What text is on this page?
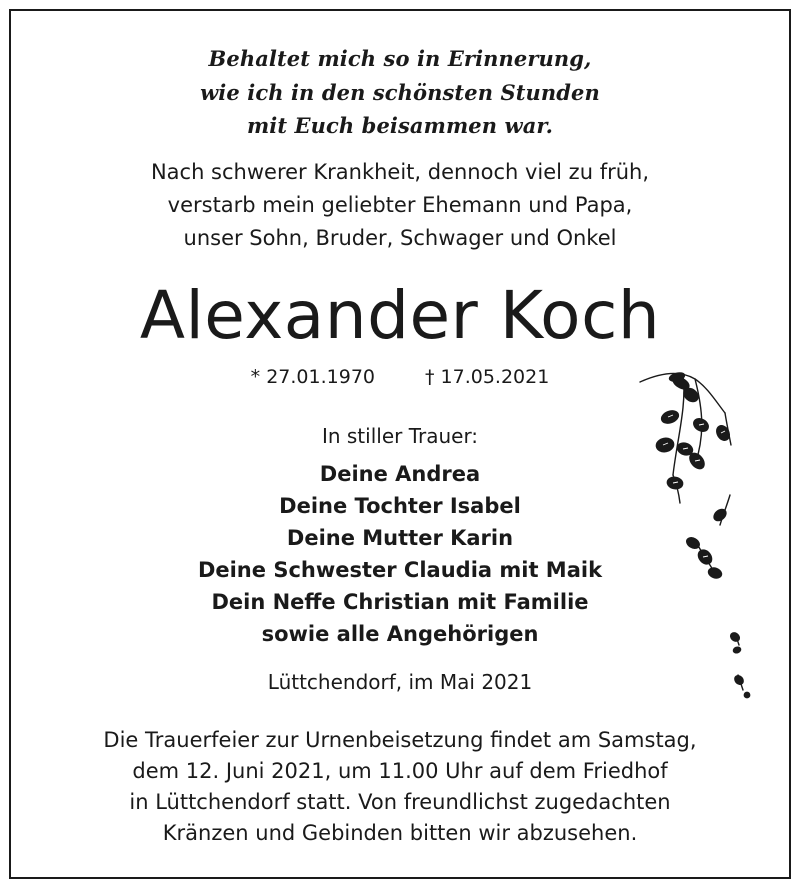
Behaltet mich so in Erinnerung,
wie ich in den schönsten Stunden
mit Euch beisammen war.
Nach schwerer Krankheit, dennoch viel zu früh,
verstarb mein geliebter Ehemann und Papa,
unser Sohn, Bruder, Schwager und Onkel
Alexander Koch
* 27.01.1970	† 17.05.2021
In stiller Trauer:
Deine Andrea
Deine Tochter Isabel
Deine Mutter Karin
Deine Schwester Claudia mit Maik
Dein Neffe Christian mit Familie
sowie alle Angehörigen
Lüttchendorf, im Mai 2021
Die Trauerfeier zur Urnenbeisetzung findet am Samstag,
dem 12. Juni 2021, um 11.00 Uhr auf dem Friedhof
in Lüttchendorf statt. Von freundlichst zugedachten
Kränzen und Gebinden bitten wir abzusehen.
